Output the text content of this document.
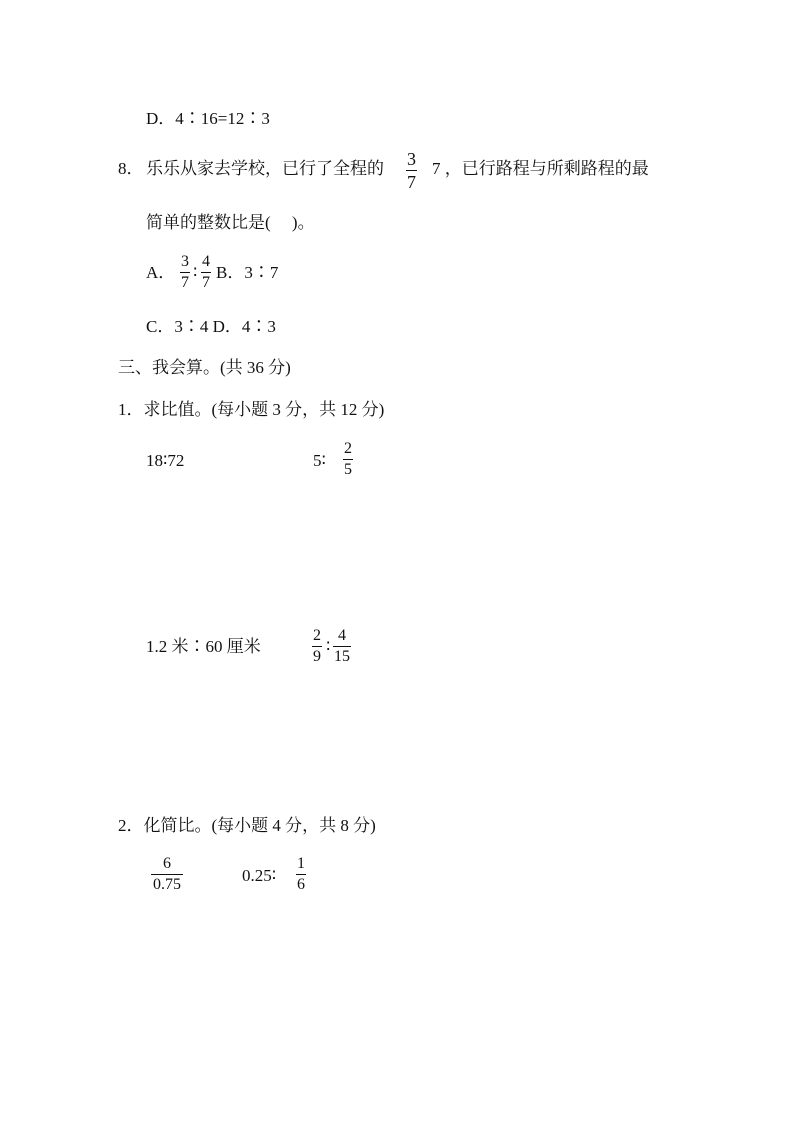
D．4∶16=12∶3
8． 乐乐从家去学校，已行了全程的 $\frac{3}{7} 7$ ，已行路程与所剩路程的最
简单的整数比是(　 )。
A． $\frac{3}{7}$ ∶ $\frac{4}{7}$ B．3∶7
C．3∶4 D．4∶3
三、我会算。(共 36 分)
1．求比值。(每小题 3 分，共 12 分)
18∶72	5∶ $\frac{2}{5}$
1.2 米∶60 厘米	$\frac{2}{9}$ ∶ $\frac{4}{15}$
2．化简比。(每小题 4 分，共 8 分)
$\frac{6}{0.75}$	0.25∶ $\frac{1}{6}$
